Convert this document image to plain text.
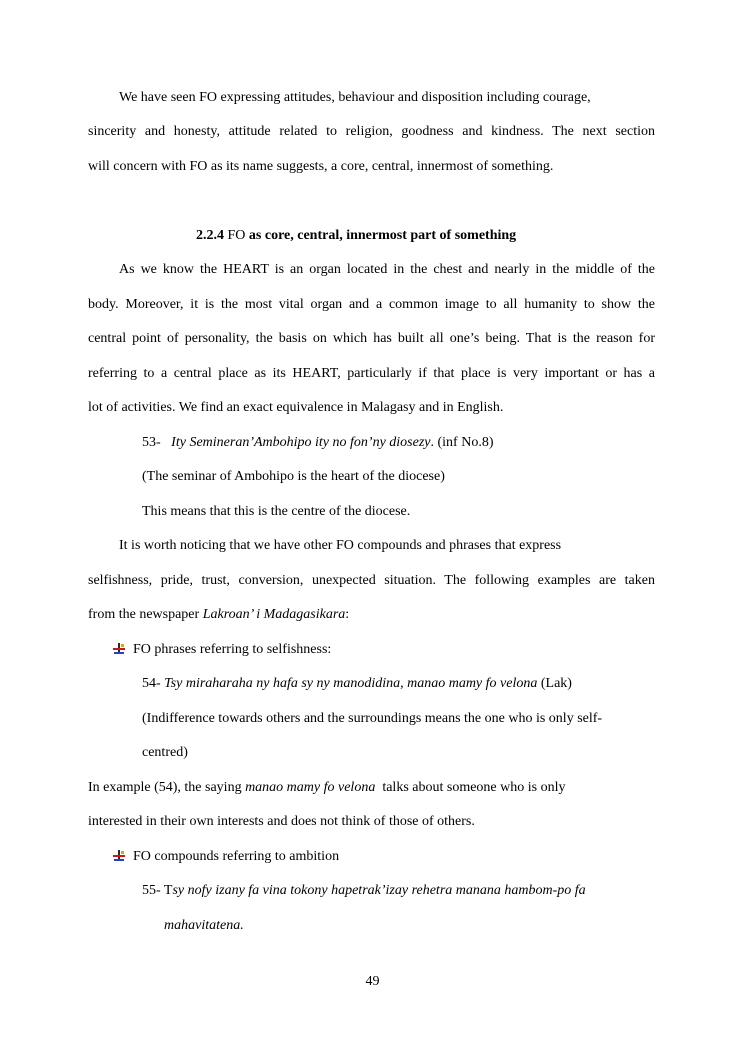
We have seen FO expressing attitudes, behaviour and disposition including courage,
sincerity and honesty, attitude related to religion, goodness and kindness. The next section
will concern with FO as its name suggests, a core, central, innermost of something.
2.2.4 FO as core, central, innermost part of something
As we know the HEART is an organ located in the chest and nearly in the middle of the
body. Moreover, it is the most vital organ and a common image to all humanity to show the
central point of personality, the basis on which has built all one’s being. That is the reason for
referring to a central place as its HEART, particularly if that place is very important or has a
lot of activities. We find an exact equivalence in Malagasy and in English.
53- Ity Semineran’Ambohipo ity no fon’ny diosezy. (inf No.8)
(The seminar of Ambohipo is the heart of the diocese)
This means that this is the centre of the diocese.
It is worth noticing that we have other FO compounds and phrases that express
selfishness, pride, trust, conversion, unexpected situation. The following examples are taken
from the newspaper Lakroan’ i Madagasikara:
FO phrases referring to selfishness:
54- Tsy miraharaha ny hafa sy ny manodidina, manao mamy fo velona (Lak)
(Indifference towards others and the surroundings means the one who is only self-
centred)
In example (54), the saying manao mamy fo velona  talks about someone who is only
interested in their own interests and does not think of those of others.
FO compounds referring to ambition
55- Tsy nofy izany fa vina tokony hapetrak’izay rehetra manana hambom-po fa
mahavitatena.
49
